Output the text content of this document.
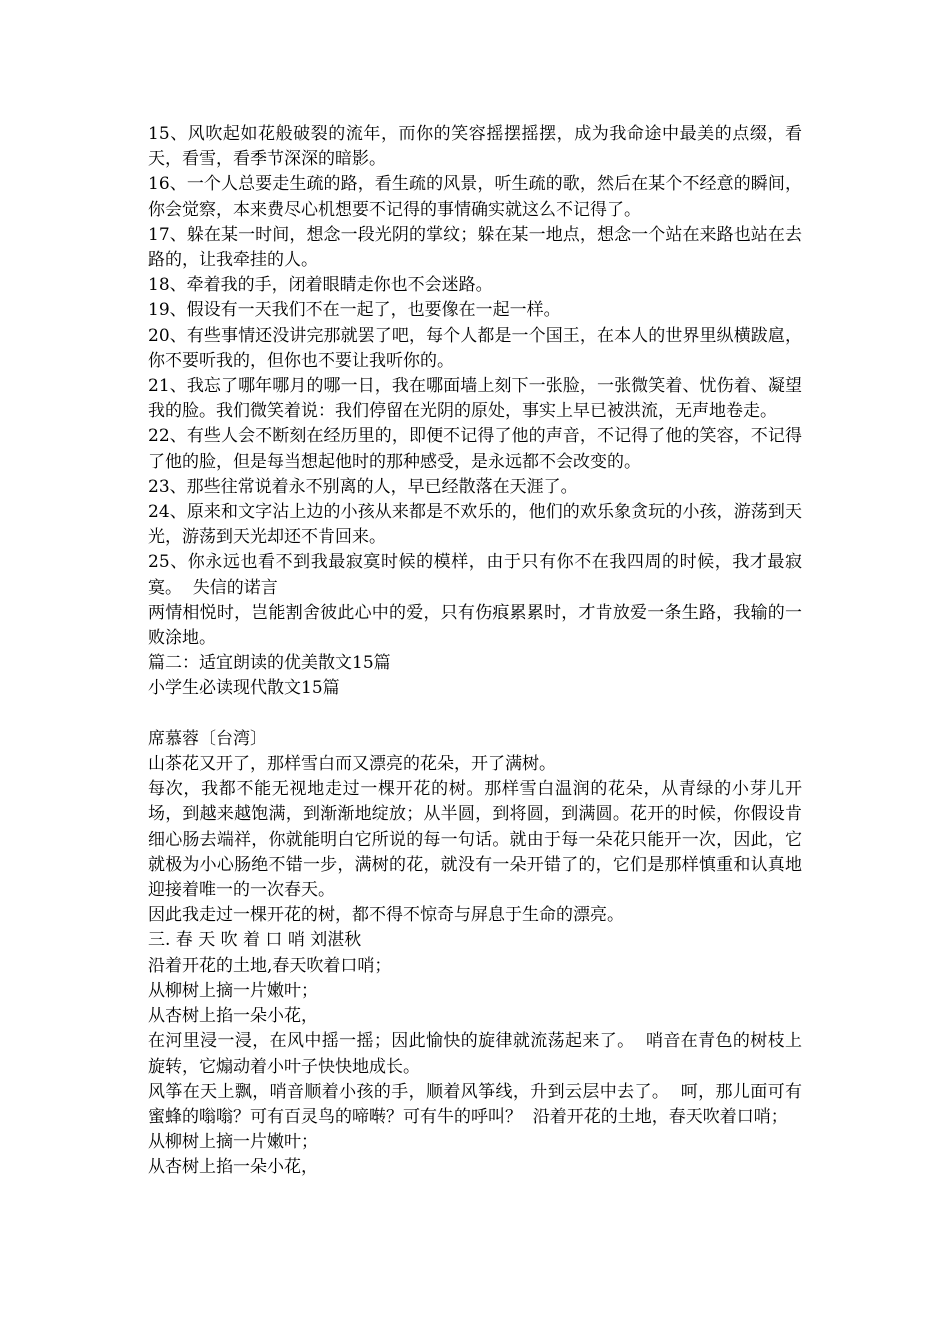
15、风吹起如花般破裂的流年，而你的笑容摇摆摇摆，成为我命途中最美的点缀，看天，看雪，看季节深深的暗影。

16、一个人总要走生疏的路，看生疏的风景，听生疏的歌，然后在某个不经意的瞬间，你会觉察，本来费尽心机想要不记得的事情确实就这么不记得了。

17、躲在某一时间，想念一段光阴的掌纹；躲在某一地点，想念一个站在来路也站在去路的，让我牵挂的人。

18、牵着我的手，闭着眼睛走你也不会迷路。

19、假设有一天我们不在一起了，也要像在一起一样。

20、有些事情还没讲完那就罢了吧，每个人都是一个国王，在本人的世界里纵横跋扈，你不要听我的，但你也不要让我听你的。

21、我忘了哪年哪月的哪一日，我在哪面墙上刻下一张脸，一张微笑着、忧伤着、凝望我的脸。我们微笑着说：我们停留在光阴的原处，事实上早已被洪流，无声地卷走。

22、有些人会不断刻在经历里的，即便不记得了他的声音，不记得了他的笑容，不记得了他的脸，但是每当想起他时的那种感受，是永远都不会改变的。

23、那些往常说着永不别离的人，早已经散落在天涯了。

24、原来和文字沾上边的小孩从来都是不欢乐的，他们的欢乐象贪玩的小孩，游荡到天光，游荡到天光却还不肯回来。

25、你永远也看不到我最寂寞时候的模样，由于只有你不在我四周的时候，我才最寂寞。  失信的诺言

两情相悦时，岂能割舍彼此心中的爱，只有伤痕累累时，才肯放爱一条生路，我输的一败涂地。

篇二：适宜朗读的优美散文15篇

小学生必读现代散文15篇

席慕蓉〔台湾〕

山茶花又开了，那样雪白而又漂亮的花朵，开了满树。

每次，我都不能无视地走过一棵开花的树。那样雪白温润的花朵，从青绿的小芽儿开场，到越来越饱满，到渐渐地绽放；从半圆，到将圆，到满圆。花开的时候，你假设肯细心肠去端祥，你就能明白它所说的每一句话。就由于每一朵花只能开一次，因此，它就极为小心肠绝不错一步，满树的花，就没有一朵开错了的，它们是那样慎重和认真地迎接着唯一的一次春天。

因此我走过一棵开花的树，都不得不惊奇与屏息于生命的漂亮。

三. 春 天 吹 着 口 哨 刘湛秋

沿着开花的土地,春天吹着口哨；

从柳树上摘一片嫩叶；

从杏树上掐一朵小花，

在河里浸一浸，在风中摇一摇；因此愉快的旋律就流荡起来了。  哨音在青色的树枝上旋转，它煽动着小叶子快快地成长。

风筝在天上飘，哨音顺着小孩的手，顺着风筝线，升到云层中去了。  呵，那儿面可有蜜蜂的嗡嗡？可有百灵鸟的啼啭？可有牛的呼叫？  沿着开花的土地，春天吹着口哨；

从柳树上摘一片嫩叶；

从杏树上掐一朵小花，
